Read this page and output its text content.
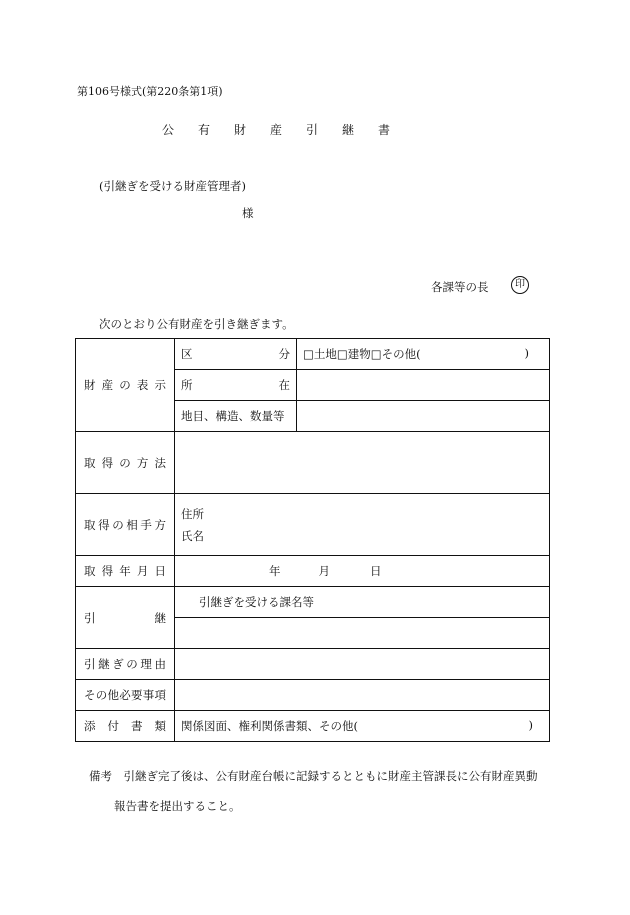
第106号様式(第220条第1項)
公 有 財 産 引 継 書
(引継ぎを受ける財産管理者)
様
各課等の長	印
次のとおり公有財産を引き継ぎます。
財産の表示	区分	□土地□建物□その他( )

	所在	
	地目、構造、数量等	
取得の方法		
取得の相手方	住所
氏名	

取得年月日	年 月 日	
引継	引継ぎを受ける課名等	

引継ぎの理由		
その他必要事項		
添付書類	関係図面、権利関係書類、その他( )	
備考　引継ぎ完了後は、公有財産台帳に記録するとともに財産主管課長に公有財産異動
報告書を提出すること。
